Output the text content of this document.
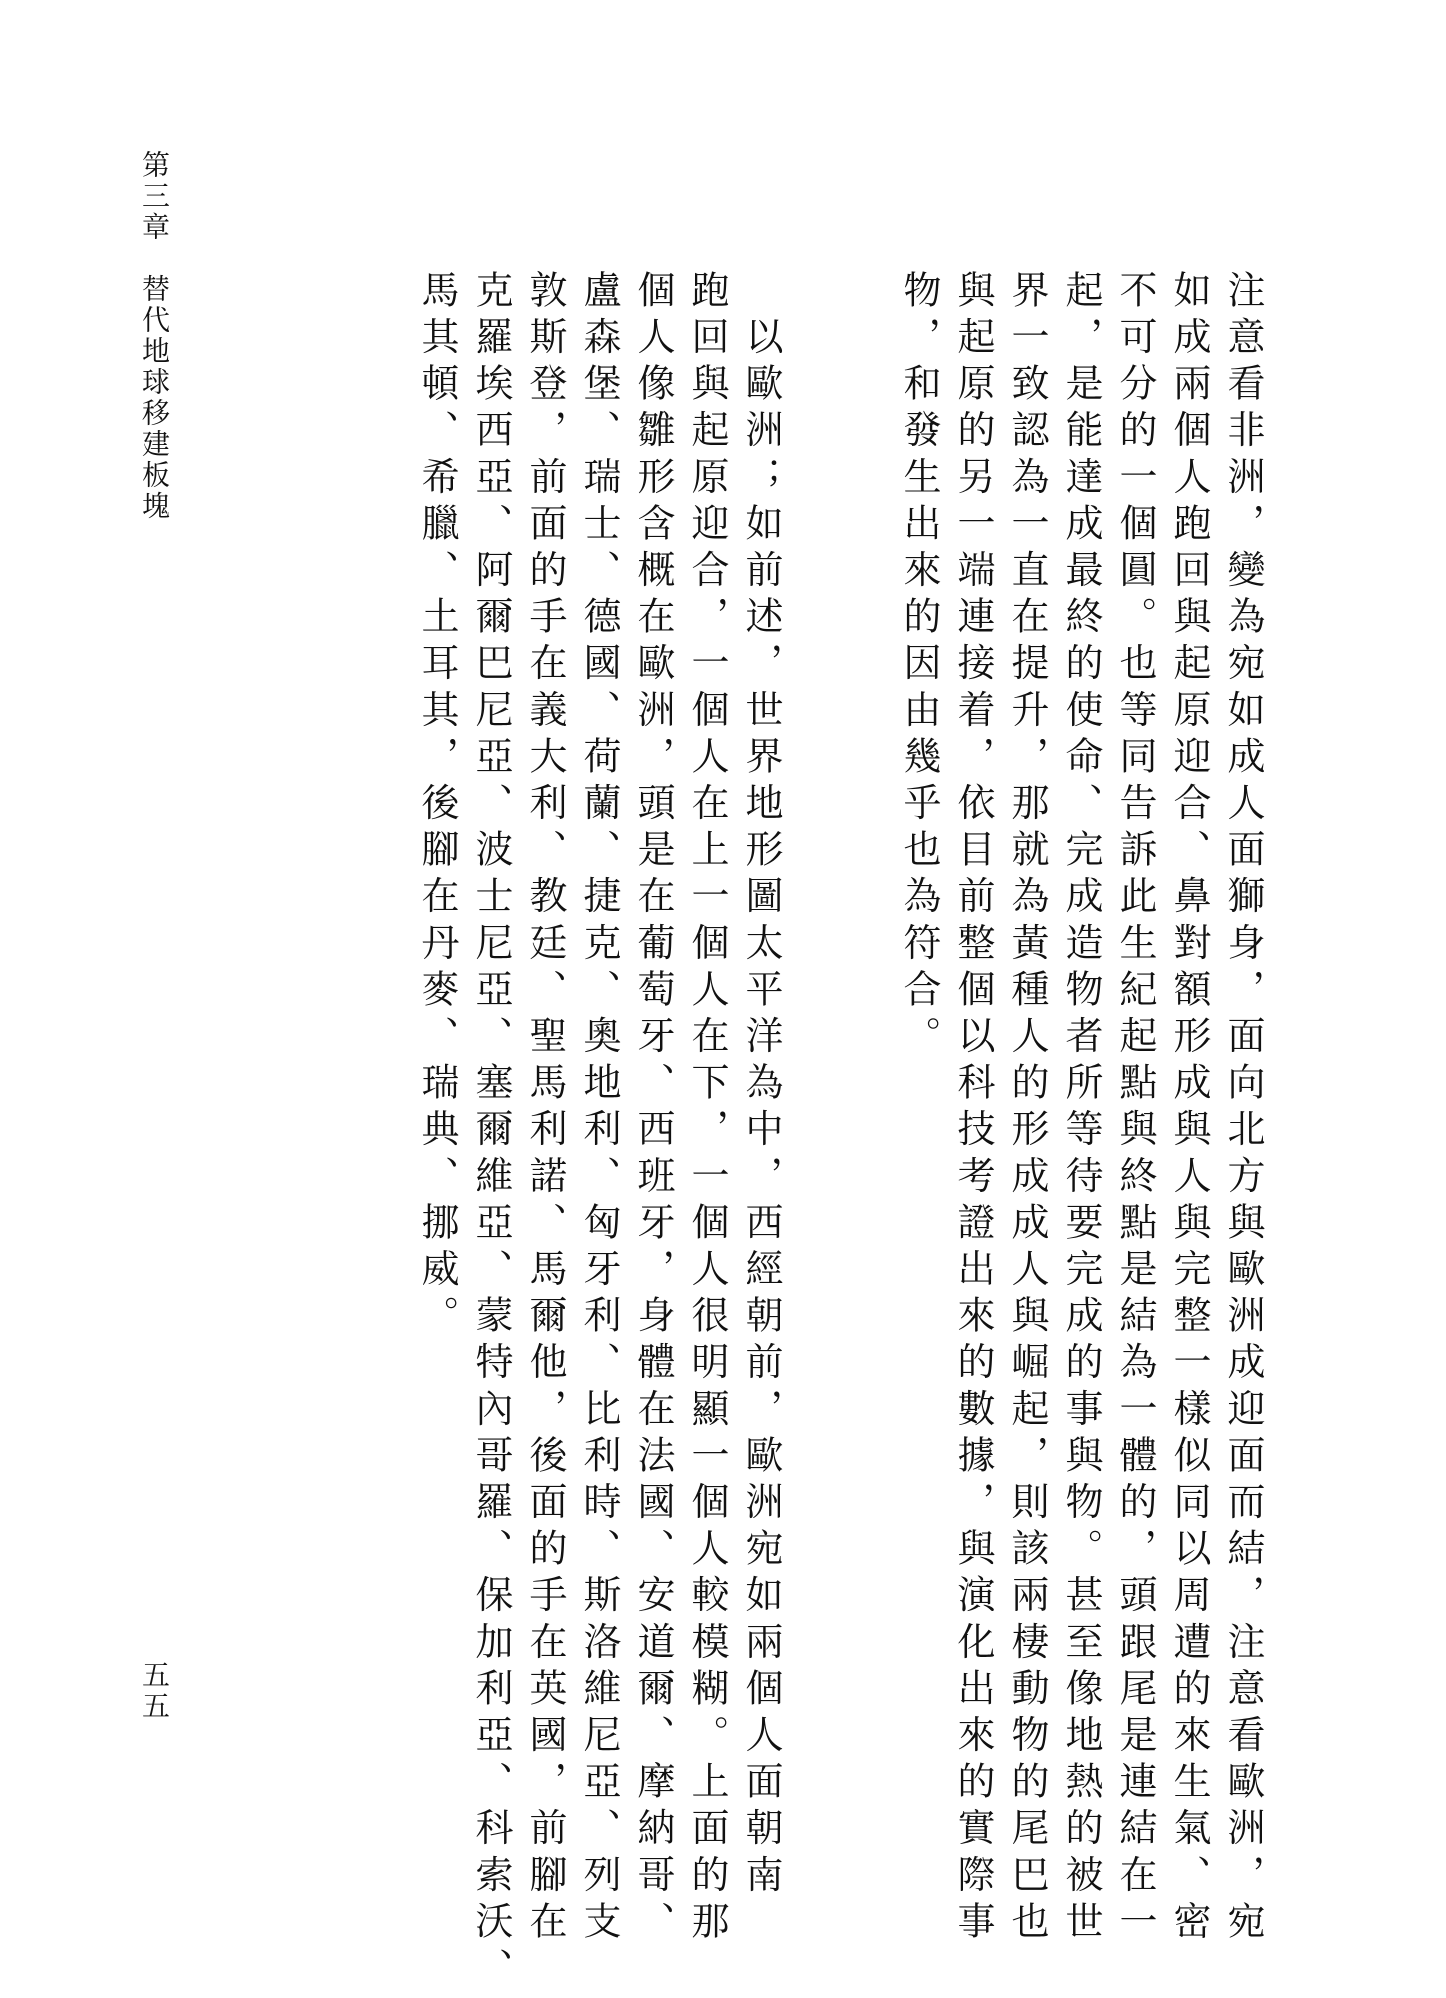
第三章　替代地球移建板塊
五五	注意看非洲，變為宛如成人面獅身，面向北方與歐洲成迎面而結，注意看歐洲，宛
如成兩個人跑回與起原迎合、鼻對額形成與人與完整一樣似同以周遭的來生氣、密
不可分的一個圓。也等同告訴此生紀起點與終點是結為一體的，頭跟尾是連結在一
起，是能達成最終的使命、完成造物者所等待要完成的事與物。甚至像地熱的被世
界一致認為一直在提升，那就為黃種人的形成成人與崛起，則該兩棲動物的尾巴也
與起原的另一端連接着，依目前整個以科技考證出來的數據，與演化出來的實際事
物，和發生出來的因由幾乎也為符合。
　以歐洲；如前述，世界地形圖太平洋為中，西經朝前，歐洲宛如兩個人面朝南
跑回與起原迎合，一個人在上一個人在下，一個人很明顯一個人較模糊。上面的那
個人像雛形含概在歐洲，頭是在葡萄牙、西班牙，身體在法國、安道爾、摩納哥、
盧森堡、瑞士、德國、荷蘭、捷克、奧地利、匈牙利、比利時、斯洛維尼亞、列支
敦斯登，前面的手在義大利、教廷、聖馬利諾、馬爾他，後面的手在英國，前腳在
克羅埃西亞、阿爾巴尼亞、波士尼亞、塞爾維亞、蒙特內哥羅、保加利亞、科索沃、
馬其頓、希臘、土耳其，後腳在丹麥、瑞典、挪威。
